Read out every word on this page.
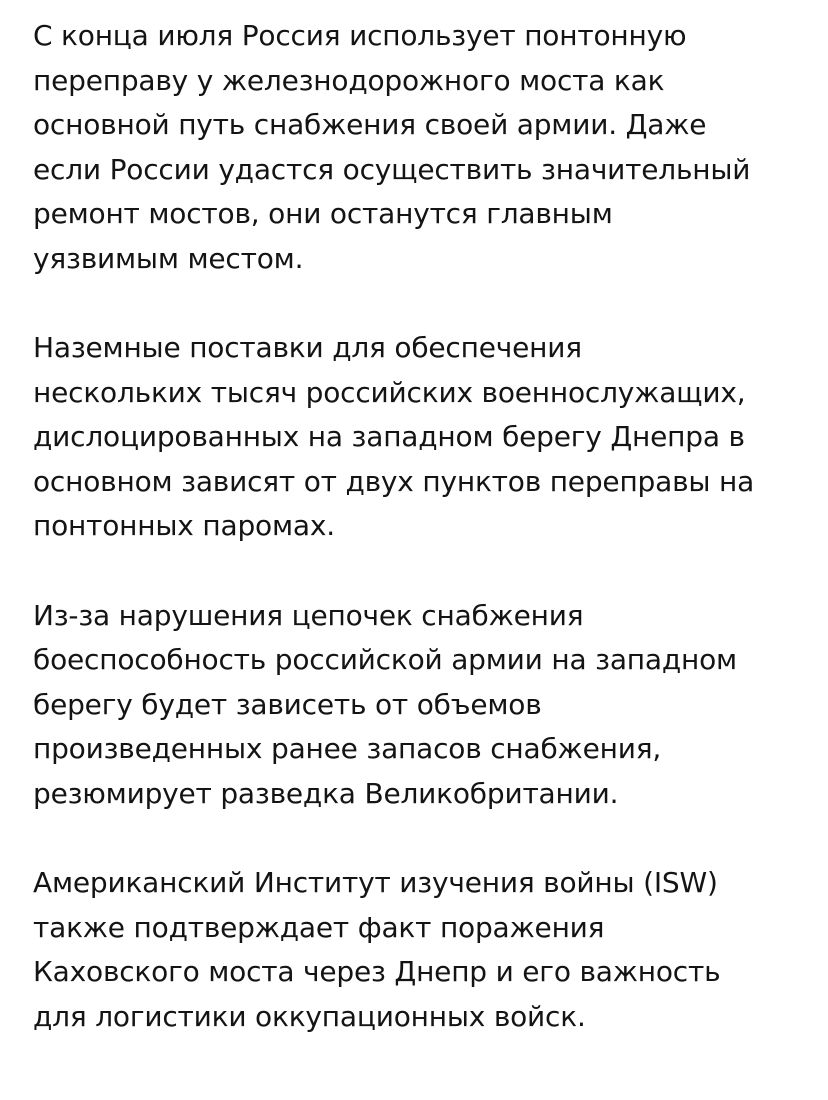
С конца июля Россия использует понтонную
переправу у железнодорожного моста как
основной путь снабжения своей армии. Даже
если России удастся осуществить значительный
ремонт мостов, они останутся главным
уязвимым местом.

Наземные поставки для обеспечения
нескольких тысяч российских военнослужащих,
дислоцированных на западном берегу Днепра в
основном зависят от двух пунктов переправы на
понтонных паромах.

Из-за нарушения цепочек снабжения
боеспособность российской армии на западном
берегу будет зависеть от объемов
произведенных ранее запасов снабжения,
резюмирует разведка Великобритании.

Американский Институт изучения войны (ISW)
также подтверждает факт поражения
Каховского моста через Днепр и его важность
для логистики оккупационных войск.
